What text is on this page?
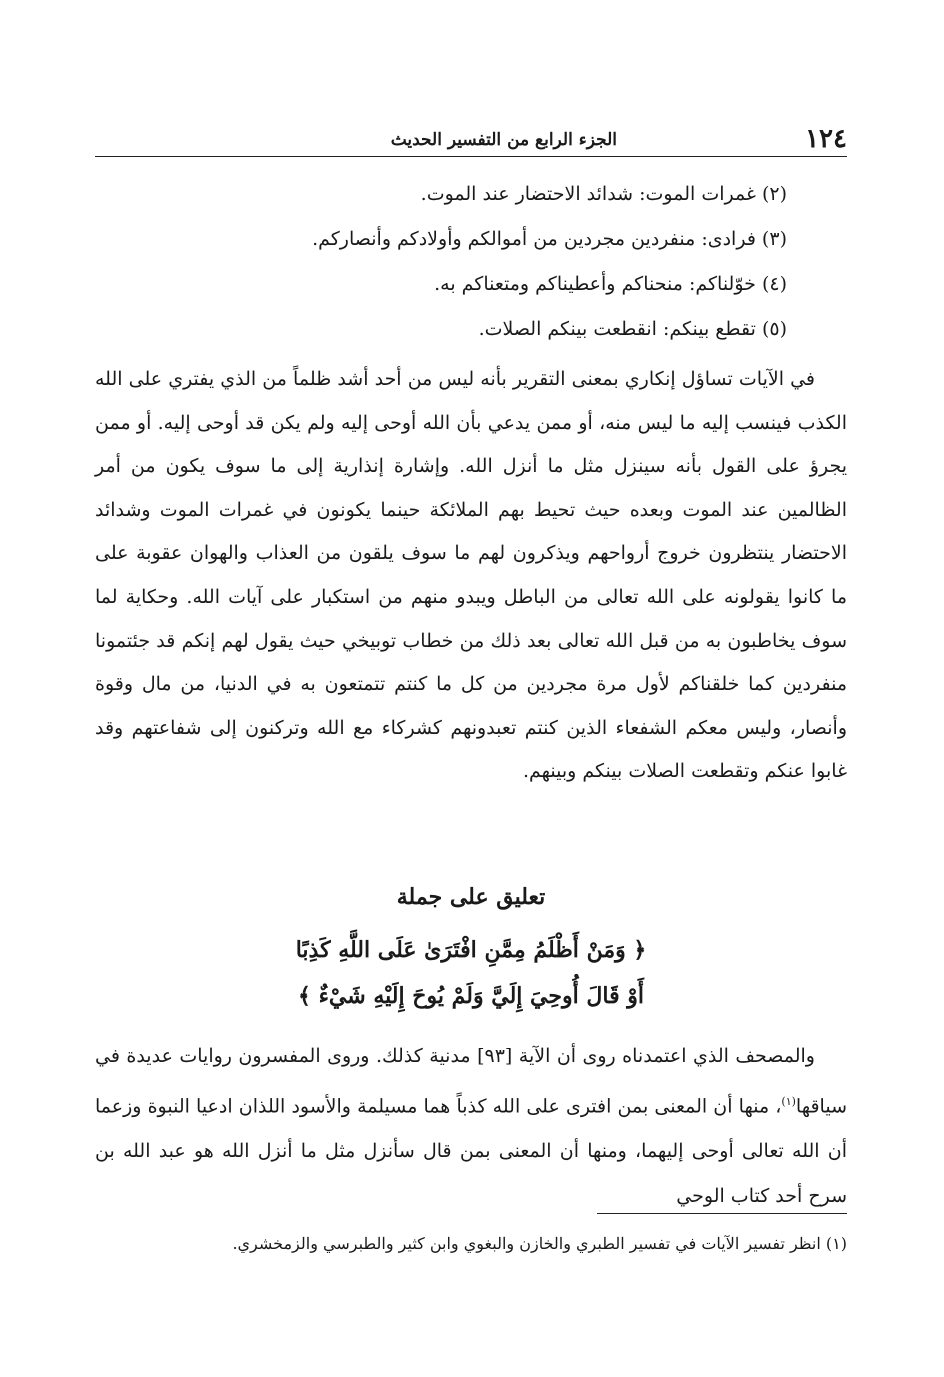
١٢٤
الجزء الرابع من التفسير الحديث
(٢) غمرات الموت: شدائد الاحتضار عند الموت.
(٣) فرادى: منفردين مجردين من أموالكم وأولادكم وأنصاركم.
(٤) خوّلناكم: منحناكم وأعطيناكم ومتعناكم به.
(٥) تقطع بينكم: انقطعت بينكم الصلات.

في الآيات تساؤل إنكاري بمعنى التقرير بأنه ليس من أحد أشد ظلماً من الذي يفتري على الله الكذب فينسب إليه ما ليس منه، أو ممن يدعي بأن الله أوحى إليه ولم يكن قد أوحى إليه. أو ممن يجرؤ على القول بأنه سينزل مثل ما أنزل الله. وإشارة إنذارية إلى ما سوف يكون من أمر الظالمين عند الموت وبعده حيث تحيط بهم الملائكة حينما يكونون في غمرات الموت وشدائد الاحتضار ينتظرون خروج أرواحهم ويذكرون لهم ما سوف يلقون من العذاب والهوان عقوبة على ما كانوا يقولونه على الله تعالى من الباطل ويبدو منهم من استكبار على آيات الله. وحكاية لما سوف يخاطبون به من قبل الله تعالى بعد ذلك من خطاب توبيخي حيث يقول لهم إنكم قد جئتمونا منفردين كما خلقناكم لأول مرة مجردين من كل ما كنتم تتمتعون به في الدنيا، من مال وقوة وأنصار، وليس معكم الشفعاء الذين كنتم تعبدونهم كشركاء مع الله وتركنون إلى شفاعتهم وقد غابوا عنكم وتقطعت الصلات بينكم وبينهم.

تعليق على جملة
﴿ وَمَنْ أَظْلَمُ مِمَّنِ افْتَرَىٰ عَلَى اللَّهِ كَذِبًا
أَوْ قَالَ أُوحِيَ إِلَيَّ وَلَمْ يُوحَ إِلَيْهِ شَيْءٌ ﴾

والمصحف الذي اعتمدناه روى أن الآية [٩٣] مدنية كذلك. وروى المفسرون روايات عديدة في سياقها$^{(١)}$، منها أن المعنى بمن افترى على الله كذباً هما مسيلمة والأسود اللذان ادعيا النبوة وزعما أن الله تعالى أوحى إليهما، ومنها أن المعنى بمن قال سأنزل مثل ما أنزل الله هو عبد الله بن سرح أحد كتاب الوحي

(١) انظر تفسير الآيات في تفسير الطبري والخازن والبغوي وابن كثير والطبرسي والزمخشري.
